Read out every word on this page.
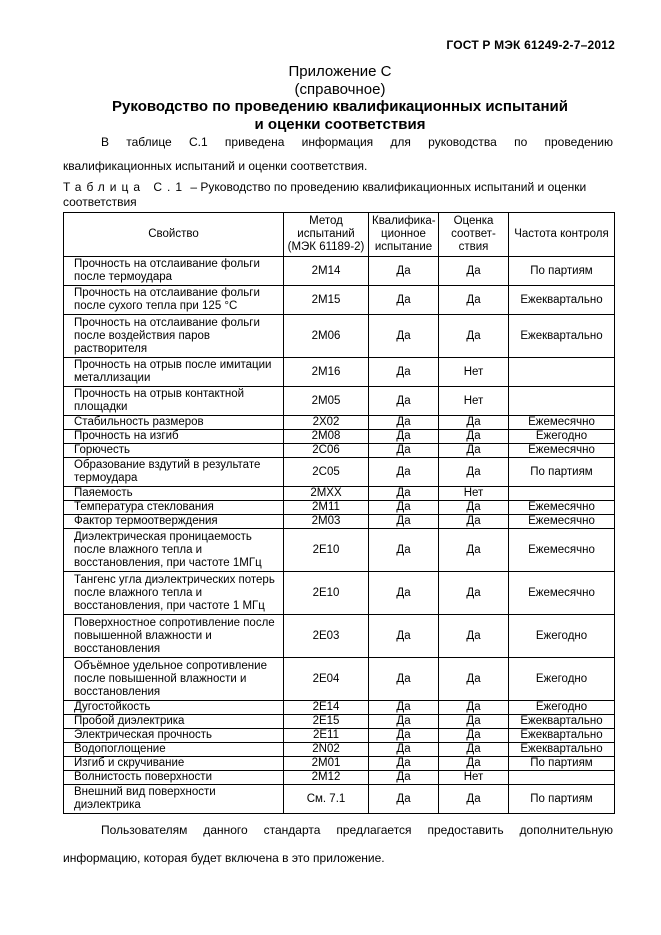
ГОСТ Р МЭК 61249-2-7–2012
Приложение С
(справочное)
Руководство по проведению квалификационных испытаний
и оценки соответствия
В таблице С.1 приведена информация для руководства по проведению
квалификационных испытаний и оценки соответствия.
Таблица С.1 – Руководство по проведению квалификационных испытаний и оценки соответствия
Свойство	Метод испытаний (МЭК 61189-2)	Квалифика-ционное испытание	Оценка соответ-ствия	Частота контроля
Прочность на отслаивание фольги после термоудара	2M14	Да	Да	По партиям
Прочность на отслаивание фольги после сухого тепла при 125 °С	2M15	Да	Да	Ежеквартально
Прочность на отслаивание фольги после воздействия паров растворителя	2M06	Да	Да	Ежеквартально
Прочность на отрыв после имитации металлизации	2M16	Да	Нет	
Прочность на отрыв контактной площадки	2M05	Да	Нет	
Стабильность размеров	2X02	Да	Да	Ежемесячно
Прочность на изгиб	2M08	Да	Да	Ежегодно
Горючесть	2C06	Да	Да	Ежемесячно
Образование вздутий в результате термоудара	2C05	Да	Да	По партиям
Паяемость	2MXX	Да	Нет	
Температура стеклования	2M11	Да	Да	Ежемесячно
Фактор термоотверждения	2M03	Да	Да	Ежемесячно
Диэлектрическая проницаемость после влажного тепла и восстановления, при частоте 1МГц	2E10	Да	Да	Ежемесячно
Тангенс угла диэлектрических потерь после влажного тепла и восстановления, при частоте 1 МГц	2E10	Да	Да	Ежемесячно
Поверхностное сопротивление после повышенной влажности и восстановления	2E03	Да	Да	Ежегодно
Объёмное удельное сопротивление после повышенной влажности и восстановления	2E04	Да	Да	Ежегодно
Дугостойкость	2E14	Да	Да	Ежегодно
Пробой диэлектрика	2E15	Да	Да	Ежеквартально
Электрическая прочность	2E11	Да	Да	Ежеквартально
Водопоглощение	2N02	Да	Да	Ежеквартально
Изгиб и скручивание	2M01	Да	Да	По партиям
Волнистость поверхности	2M12	Да	Нет	
Внешний вид поверхности диэлектрика	См. 7.1	Да	Да	По партиям
Пользователям данного стандарта предлагается предоставить дополнительную
информацию, которая будет включена в это приложение.
